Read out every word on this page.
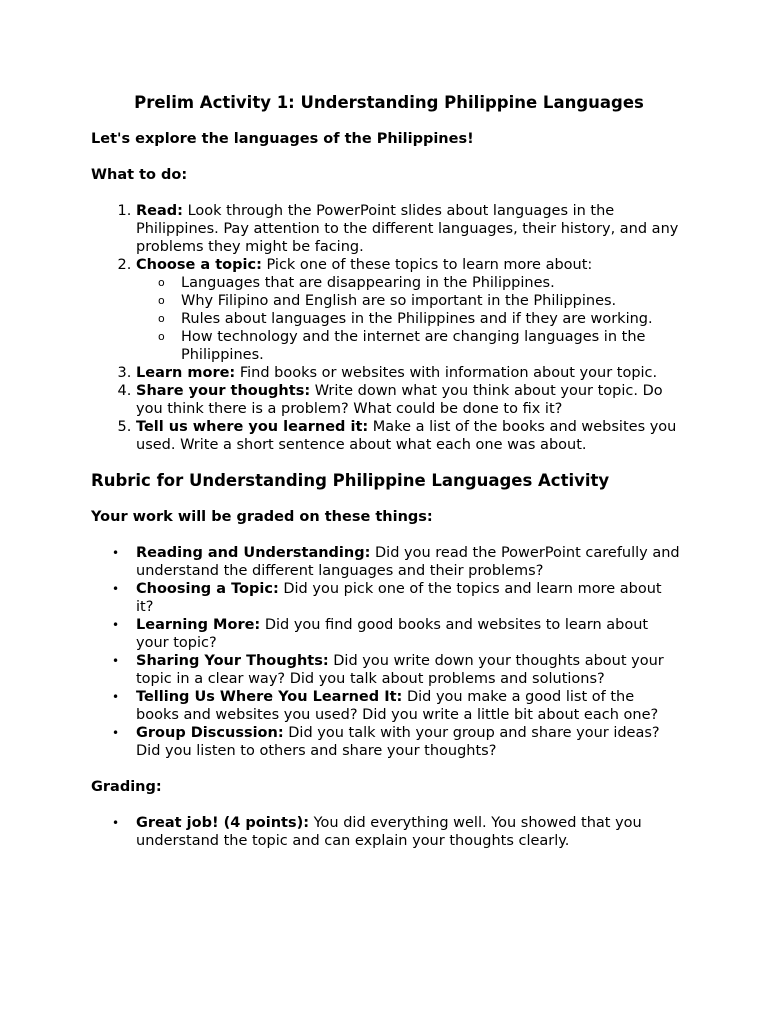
Prelim Activity 1: Understanding Philippine Languages

Let's explore the languages of the Philippines!

What to do:

1. Read: Look through the PowerPoint slides about languages in the Philippines. Pay attention to the different languages, their history, and any problems they might be facing.
2. Choose a topic: Pick one of these topics to learn more about:
o Languages that are disappearing in the Philippines.
o Why Filipino and English are so important in the Philippines.
o Rules about languages in the Philippines and if they are working.
o How technology and the internet are changing languages in the Philippines.
3. Learn more: Find books or websites with information about your topic.
4. Share your thoughts: Write down what you think about your topic. Do you think there is a problem? What could be done to fix it?
5. Tell us where you learned it: Make a list of the books and websites you used. Write a short sentence about what each one was about.
Rubric for Understanding Philippine Languages Activity

Your work will be graded on these things:

• Reading and Understanding: Did you read the PowerPoint carefully and understand the different languages and their problems?
• Choosing a Topic: Did you pick one of the topics and learn more about it?
• Learning More: Did you find good books and websites to learn about your topic?
• Sharing Your Thoughts: Did you write down your thoughts about your topic in a clear way? Did you talk about problems and solutions?
• Telling Us Where You Learned It: Did you make a good list of the books and websites you used? Did you write a little bit about each one?
• Group Discussion: Did you talk with your group and share your ideas? Did you listen to others and share your thoughts?

Grading:

• Great job! (4 points): You did everything well. You showed that you understand the topic and can explain your thoughts clearly.
